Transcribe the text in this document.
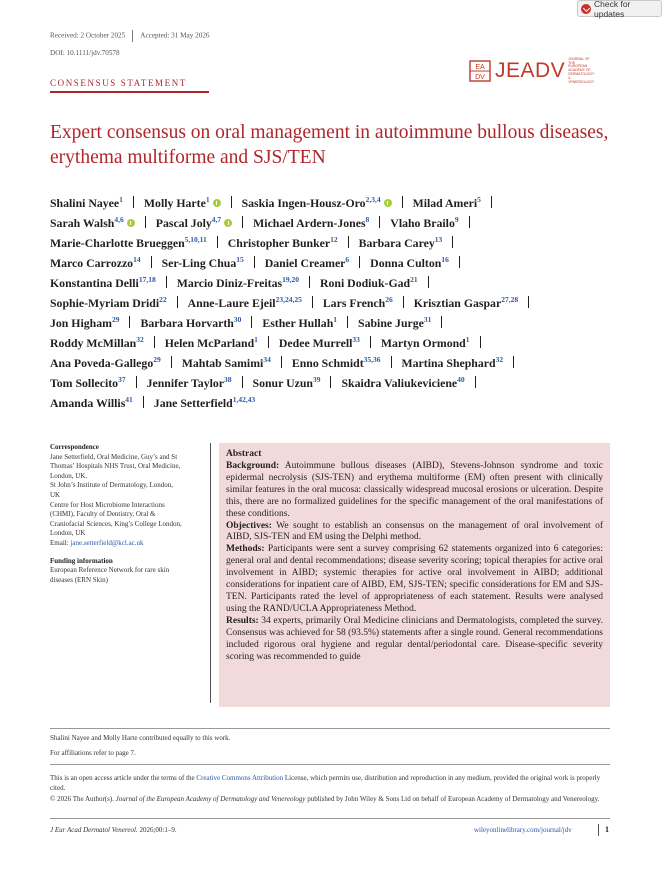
Received: 2 October 2025 Accepted: 31 May 2026
DOI: 10.1111/jdv.70578
Check for updates
CONSENSUS STATEMENT
EA
DV JEADV
JOURNAL OF THE EUROPEAN ACADEMY OF DERMATOLOGY & VENEREOLOGY
Expert consensus on oral management in autoimmune bullous diseases, erythema multiforme and SJS/TEN
Shalini Nayee$^1$ Molly Harte$^1$	Saskia Ingen-Housz-Oro$^{2,3,4}$	Milad Ameri$^5$
Sarah Walsh$^{4,6}$	Pascal Joly$^{4,7}$	Michael Ardern-Jones$^8$ Vlaho Brailo$^9$
Marie-Charlotte Brueggen$^{5,10,11}$ Christopher Bunker$^{12}$ Barbara Carey$^{13}$
Marco Carrozzo$^{14}$ Ser-Ling Chua$^{15}$ Daniel Creamer$^6$ Donna Culton$^{16}$
Konstantina Delli$^{17,18}$ Marcio Diniz-Freitas$^{19,20}$ Roni Dodiuk-Gad$^{21}$
Sophie-Myriam Dridi$^{22}$ Anne-Laure Ejeil$^{23,24,25}$ Lars French$^{26}$ Krisztian Gaspar$^{27,28}$
Jon Higham$^{29}$ Barbara Horvarth$^{30}$ Esther Hullah$^1$ Sabine Jurge$^{31}$
Roddy McMillan$^{32}$ Helen McParland$^1$ Dedee Murrell$^{33}$ Martyn Ormond$^1$
Ana Poveda-Gallego$^{29}$ Mahtab Samimi$^{34}$ Enno Schmidt$^{35,36}$ Martina Shephard$^{32}$
Tom Sollecito$^{37}$ Jennifer Taylor$^{38}$ Sonur Uzun$^{39}$ Skaidra Valiukeviciene$^{40}$
Amanda Willis$^{41}$ Jane Setterfield$^{1,42,43}$
Correspondence
Jane Setterfield, Oral Medicine, Guy’s and St
Thomas’ Hospitals NHS Trust, Oral Medicine,
London, UK.
St John’s Institute of Dermatology, London,
UK
Centre for Host Microbiome Interactions
(CHMI), Faculty of Dentistry, Oral &
Craniofacial Sciences, King’s College London,
London, UK
Email: jane.setterfield@kcl.ac.uk
Funding information
European Reference Network for rare skin
diseases (ERN Skin)
Abstract

Background: Autoimmune bullous diseases (AIBD), Stevens-Johnson syndrome and toxic epidermal necrolysis (SJS-TEN) and erythema multiforme (EM) often present with clinically similar features in the oral mucosa: classically widespread mucosal erosions or ulceration. Despite this, there are no formalized guidelines for the specific management of the oral manifestations of these conditions.

Objectives: We sought to establish an consensus on the management of oral involvement of AIBD, SJS-TEN and EM using the Delphi method.

Methods: Participants were sent a survey comprising 62 statements organized into 6 categories: general oral and dental recommendations; disease severity scoring; topical therapies for active oral involvement in AIBD; systemic therapies for active oral involvement in AIBD; additional considerations for inpatient care of AIBD, EM, SJS-TEN; specific considerations for EM and SJS-TEN. Participants rated the level of appropriateness of each statement. Results were analysed using the RAND/UCLA Appropriateness Method.

Results: 34 experts, primarily Oral Medicine clinicians and Dermatologists, completed the survey. Consensus was achieved for 58 (93.5%) statements after a single round. General recommendations included rigorous oral hygiene and regular dental/periodontal care. Disease-specific severity scoring was recommended to guide

Shalini Nayee and Molly Harte contributed equally to this work.
For affiliations refer to page 7.
This is an open access article under the terms of the Creative Commons Attribution License, which permits use, distribution and reproduction in any medium, provided the original work is properly cited.
© 2026 The Author(s). Journal of the European Academy of Dermatology and Venereology published by John Wiley & Sons Ltd on behalf of European Academy of Dermatology and Venereology.
J Eur Acad Dermatol Venereol. 2026;00:1–9.	wileyonlinelibrary.com/journal/jdv	1
